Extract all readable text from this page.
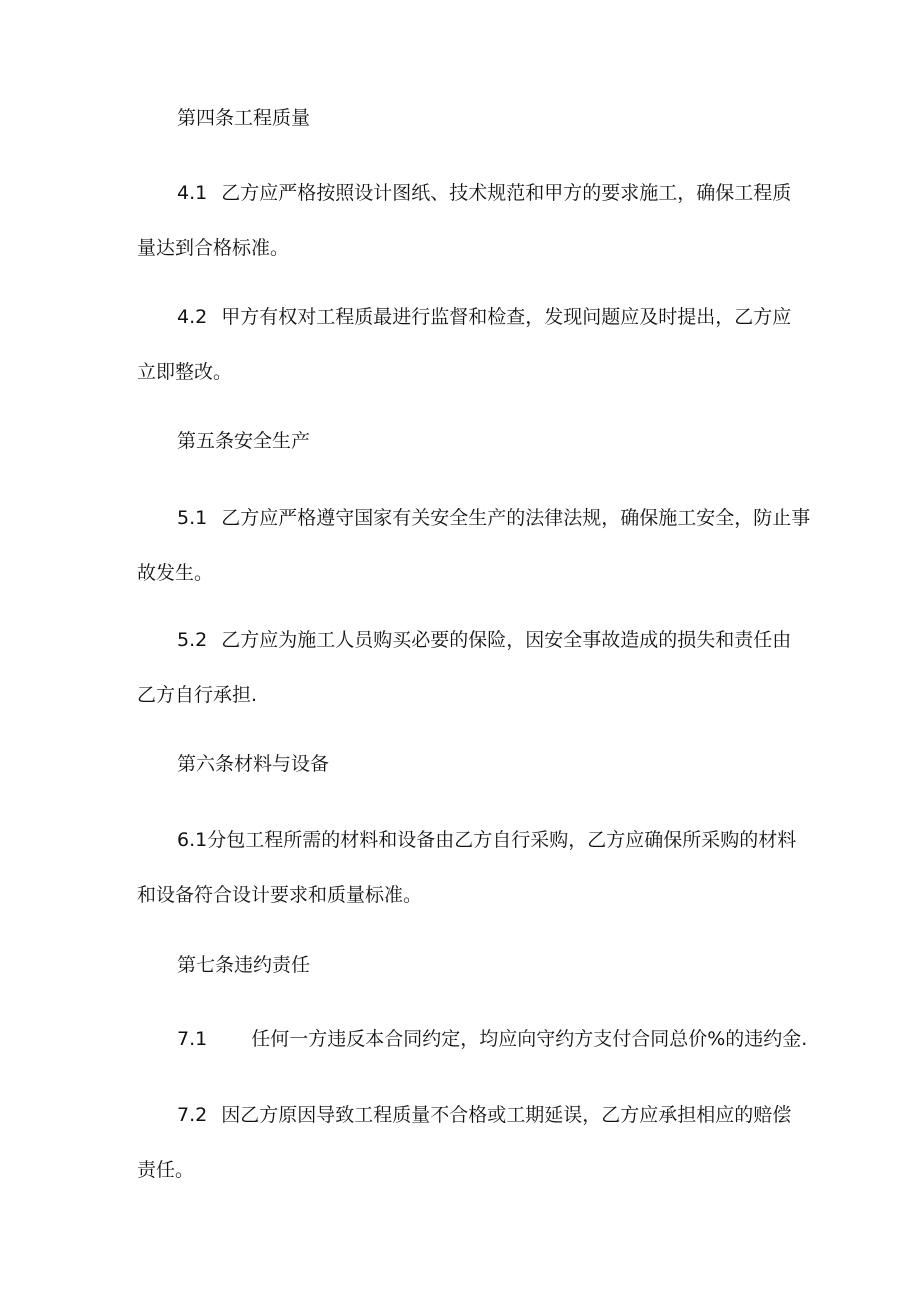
第四条工程质量
4.1 乙方应严格按照设计图纸、技术规范和甲方的要求施工，确保工程质
量达到合格标准。
4.2 甲方有权对工程质最进行监督和检查，发现问题应及时提出，乙方应
立即整改。
第五条安全生产
5.1 乙方应严格遵守国家有关安全生产的法律法规，确保施工安全，防止事
故发生。
5.2 乙方应为施工人员购买必要的保险，因安全事故造成的损失和责任由
乙方自行承担.
第六条材料与设备
6.1分包工程所需的材料和设备由乙方自行采购，乙方应确保所采购的材料
和设备符合设计要求和质量标准。
第七条违约责任
7.1 任何一方违反本合同约定，均应向守约方支付合同总价%的违约金.
7.2 因乙方原因导致工程质量不合格或工期延误，乙方应承担相应的赔偿
责任。
